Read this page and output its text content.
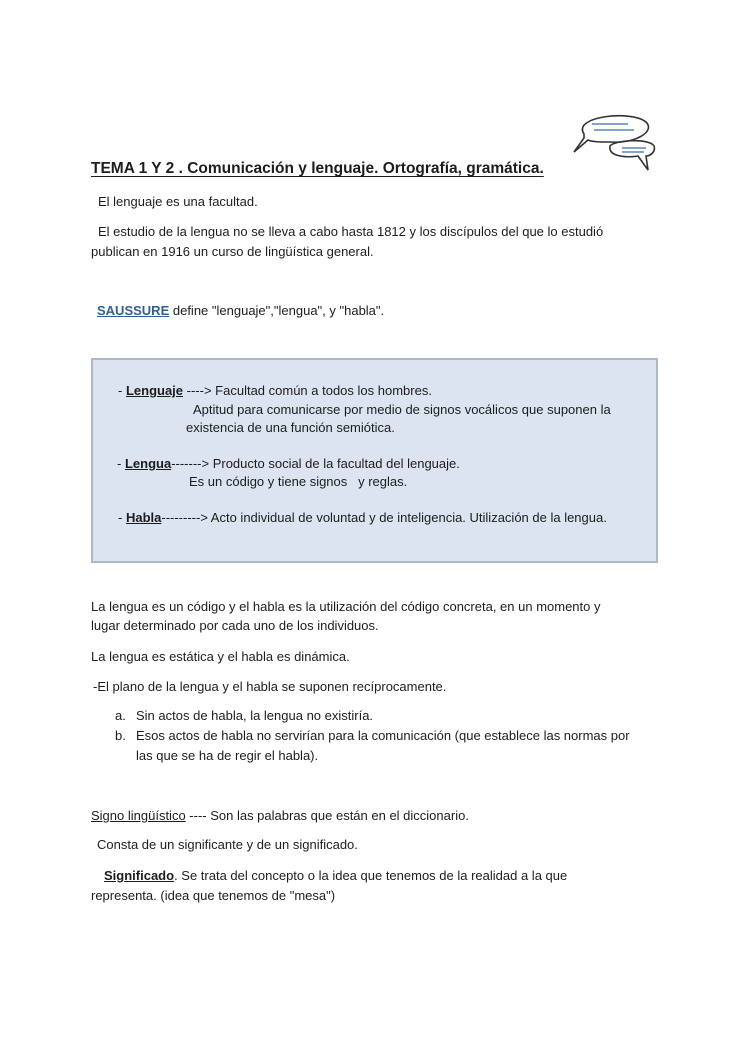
TEMA 1 Y 2 . Comunicación y lenguaje. Ortografía, gramática.
El lenguaje es una facultad.
El estudio de la lengua no se lleva a cabo hasta 1812 y los discípulos del que lo estudió
publican en 1916 un curso de lingüística general.
SAUSSURE define "lenguaje","lengua", y "habla".
- Lenguaje ----> Facultad común a todos los hombres.
Aptitud para comunicarse por medio de signos vocálicos que suponen la
existencia de una función semiótica.
- Lengua-------> Producto social de la facultad del lenguaje.
Es un código y tiene signos   y reglas.
- Habla---------> Acto individual de voluntad y de inteligencia. Utilización de la lengua.
La lengua es un código y el habla es la utilización del código concreta, en un momento y
lugar determinado por cada uno de los individuos.
La lengua es estática y el habla es dinámica.
-El plano de la lengua y el habla se suponen recíprocamente.
a. Sin actos de habla, la lengua no existiría.
b. Esos actos de habla no servirían para la comunicación (que establece las normas por
las que se ha de regir el habla).
Signo lingüístico ---- Son las palabras que están en el diccionario.
Consta de un significante y de un significado.
Significado. Se trata del concepto o la idea que tenemos de la realidad a la que
representa. (idea que tenemos de "mesa")
